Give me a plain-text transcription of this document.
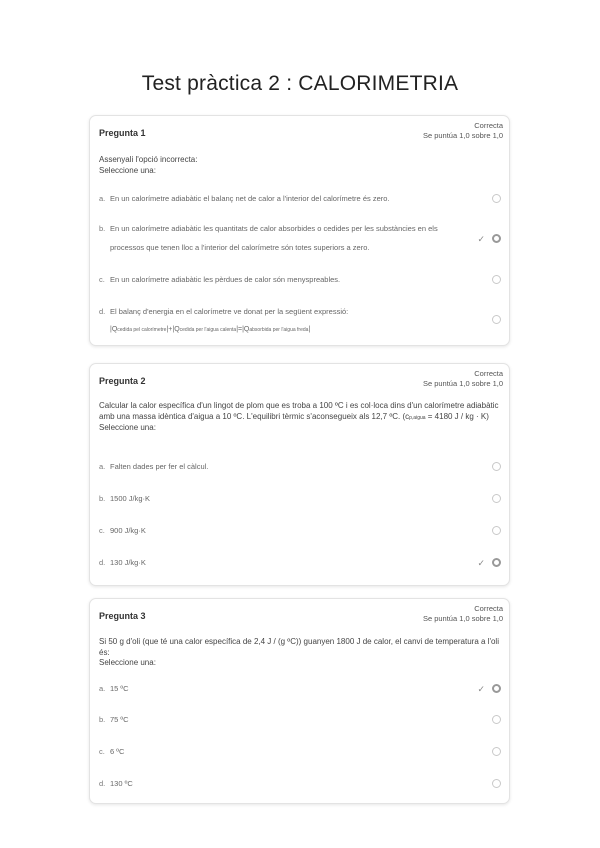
Test pràctica 2 : CALORIMETRIA
Pregunta 1
Correcta
Se puntúa 1,0 sobre 1,0
Assenyali l'opció incorrecta:
Seleccione una:
a. En un calorímetre adiabàtic el balanç net de calor a l'interior del calorímetre és zero.
b. En un calorímetre adiabàtic les quantitats de calor absorbides o cedides per les substàncies en els processos que tenen lloc a l'interior del calorímetre són totes superiors a zero.
✓
c. En un calorímetre adiabàtic les pèrdues de calor són menyspreables.
d. El balanç d'energia en el calorímetre ve donat per la següent expressió:
|Qcedida pel calorímetre|+|Qcedida per l'aigua calenta|=|Qabsorbida per l'aigua freda|
Pregunta 2
Correcta
Se puntúa 1,0 sobre 1,0
Calcular la calor específica d'un lingot de plom que es troba a 100 ºC i es col·loca dins d'un calorímetre adiabàtic amb una massa idèntica d'aigua a 10 ºC. L'equilibri tèrmic s'aconsegueix als 12,7 ºC. (cp,aigua = 4180 J / kg · K)
Seleccione una:
a. Falten dades per fer el càlcul.
b. 1500 J/kg·K
c. 900 J/kg·K
d. 130 J/kg·K	✓
Pregunta 3
Correcta
Se puntúa 1,0 sobre 1,0
Si 50 g d'oli (que té una calor específica de 2,4 J / (g ºC)) guanyen 1800 J de calor, el canvi de temperatura a l'oli és:
Seleccione una:
a. 15 ºC	✓
b. 75 ºC
c. 6 ºC
d. 130 ºC
